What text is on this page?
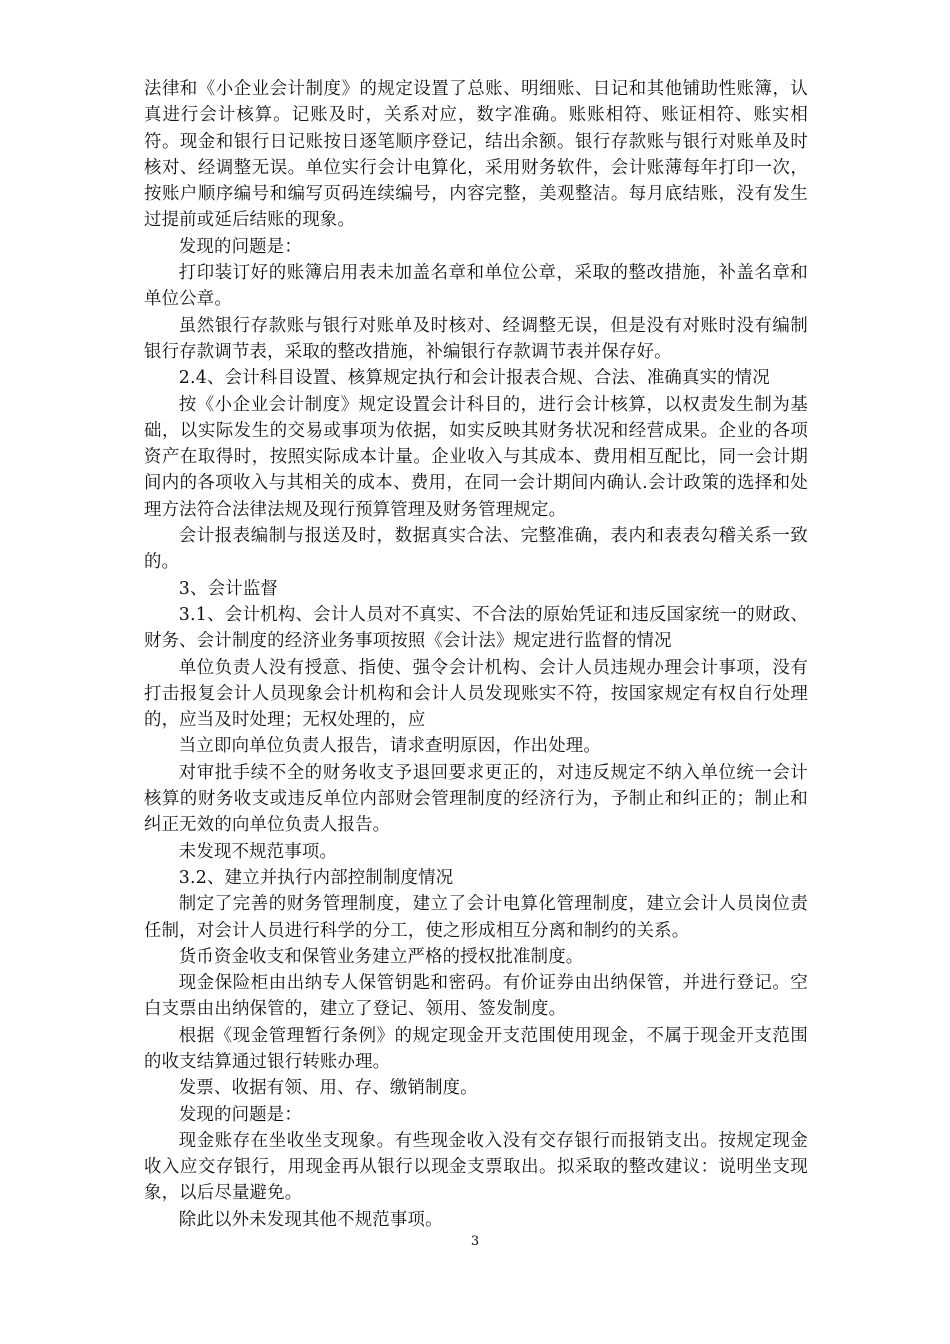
法律和《小企业会计制度》的规定设置了总账、明细账、日记和其他铺助性账簿，认真进行会计核算。记账及时，关系对应，数字准确。账账相符、账证相符、账实相符。现金和银行日记账按日逐笔顺序登记，结出余额。银行存款账与银行对账单及时核对、经调整无误。单位实行会计电算化，采用财务软件，会计账薄每年打印一次，按账户顺序编号和编写页码连续编号，内容完整，美观整洁。每月底结账，没有发生过提前或延后结账的现象。

发现的问题是：

打印装订好的账簿启用表未加盖名章和单位公章，采取的整改措施，补盖名章和单位公章。

虽然银行存款账与银行对账单及时核对、经调整无误，但是没有对账时没有编制银行存款调节表，采取的整改措施，补编银行存款调节表并保存好。

2.4、会计科目设置、核算规定执行和会计报表合规、合法、准确真实的情况

按《小企业会计制度》规定设置会计科目的，进行会计核算，以权责发生制为基础，以实际发生的交易或事项为依据，如实反映其财务状况和经营成果。企业的各项资产在取得时，按照实际成本计量。企业收入与其成本、费用相互配比，同一会计期间内的各项收入与其相关的成本、费用，在同一会计期间内确认.会计政策的选择和处理方法符合法律法规及现行预算管理及财务管理规定。

会计报表编制与报送及时，数据真实合法、完整准确，表内和表表勾稽关系一致的。

3、会计监督

3.1、会计机构、会计人员对不真实、不合法的原始凭证和违反国家统一的财政、财务、会计制度的经济业务事项按照《会计法》规定进行监督的情况

单位负责人没有授意、指使、强令会计机构、会计人员违规办理会计事项，没有打击报复会计人员现象会计机构和会计人员发现账实不符，按国家规定有权自行处理的，应当及时处理；无权处理的，应

当立即向单位负责人报告，请求查明原因，作出处理。

对审批手续不全的财务收支予退回要求更正的，对违反规定不纳入单位统一会计核算的财务收支或违反单位内部财会管理制度的经济行为，予制止和纠正的；制止和纠正无效的向单位负责人报告。

未发现不规范事项。

3.2、建立并执行内部控制制度情况

制定了完善的财务管理制度，建立了会计电算化管理制度，建立会计人员岗位责任制，对会计人员进行科学的分工，使之形成相互分离和制约的关系。

货币资金收支和保管业务建立严格的授权批准制度。

现金保险柜由出纳专人保管钥匙和密码。有价证券由出纳保管，并进行登记。空白支票由出纳保管的，建立了登记、领用、签发制度。

根据《现金管理暂行条例》的规定现金开支范围使用现金，不属于现金开支范围的收支结算通过银行转账办理。

发票、收据有领、用、存、缴销制度。

发现的问题是：

现金账存在坐收坐支现象。有些现金收入没有交存银行而报销支出。按规定现金收入应交存银行，用现金再从银行以现金支票取出。拟采取的整改建议：说明坐支现象，以后尽量避免。

除此以外未发现其他不规范事项。

3
